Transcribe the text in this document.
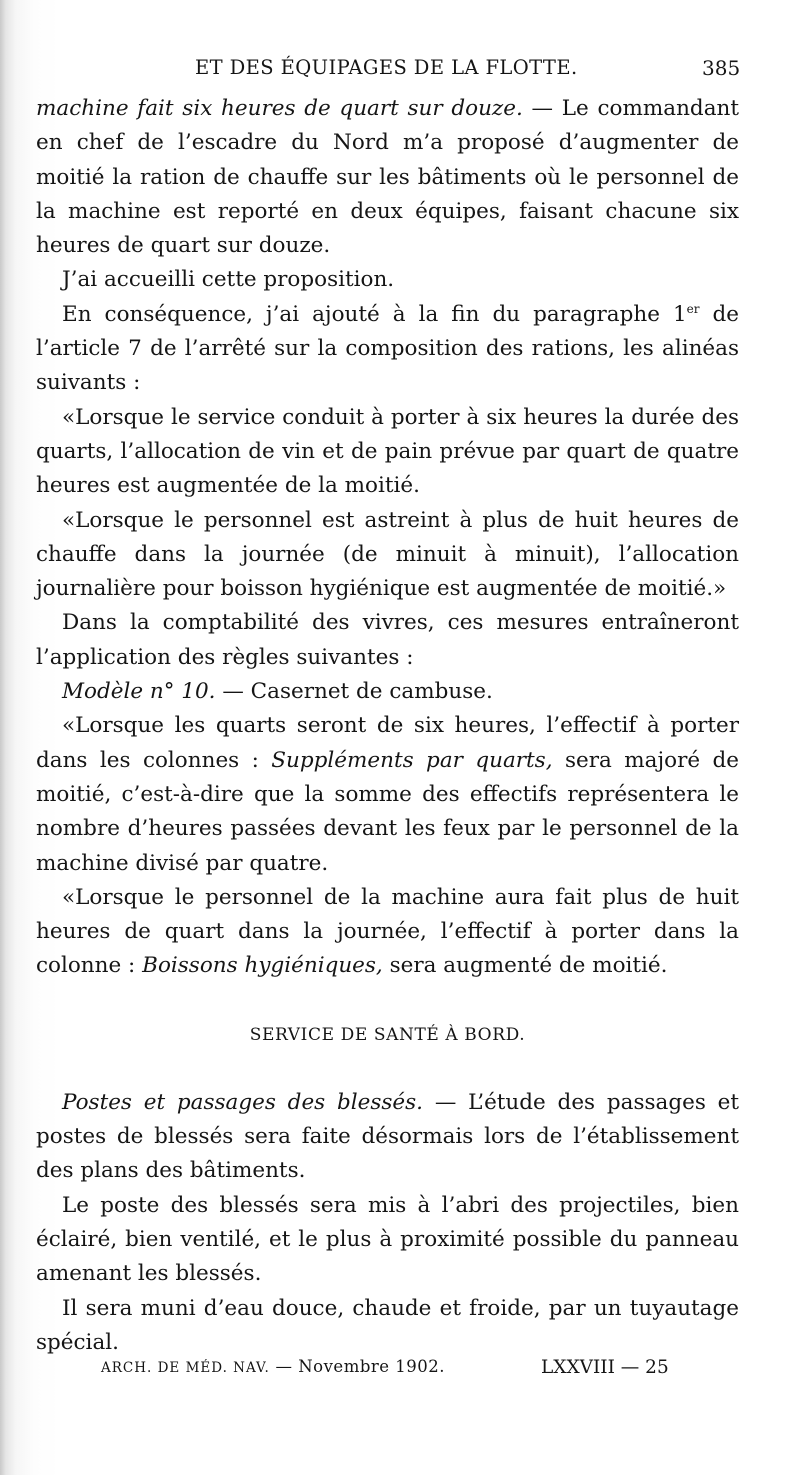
ET DES ÉQUIPAGES DE LA FLOTTE.	385

machine fait six heures de quart sur douze. — Le commandant en chef de l’escadre du Nord m’a proposé d’augmenter de moitié la ration de chauffe sur les bâtiments où le personnel de la machine est reporté en deux équipes, faisant chacune six heures de quart sur douze.

J’ai accueilli cette proposition.

En conséquence, j’ai ajouté à la fin du paragraphe 1er de l’article 7 de l’arrêté sur la composition des rations, les alinéas suivants :

«Lorsque le service conduit à porter à six heures la durée des quarts, l’allocation de vin et de pain prévue par quart de quatre heures est augmentée de la moitié.

«Lorsque le personnel est astreint à plus de huit heures de chauffe dans la journée (de minuit à minuit), l’allocation journalière pour boisson hygiénique est augmentée de moitié.»

Dans la comptabilité des vivres, ces mesures entraîneront l’application des règles suivantes :

Modèle n° 10. — Casernet de cambuse.

«Lorsque les quarts seront de six heures, l’effectif à porter dans les colonnes : Suppléments par quarts, sera majoré de moitié, c’est-à-dire que la somme des effectifs représentera le nombre d’heures passées devant les feux par le personnel de la machine divisé par quatre.

«Lorsque le personnel de la machine aura fait plus de huit heures de quart dans la journée, l’effectif à porter dans la colonne : Boissons hygiéniques, sera augmenté de moitié.

SERVICE DE SANTÉ À BORD.

Postes et passages des blessés. — L’étude des passages et postes de blessés sera faite désormais lors de l’établissement des plans des bâtiments.

Le poste des blessés sera mis à l’abri des projectiles, bien éclairé, bien ventilé, et le plus à proximité possible du panneau amenant les blessés.

Il sera muni d’eau douce, chaude et froide, par un tuyautage spécial.

ARCH. DE MÉD. NAV. — Novembre 1902.	LXXVIII — 25
